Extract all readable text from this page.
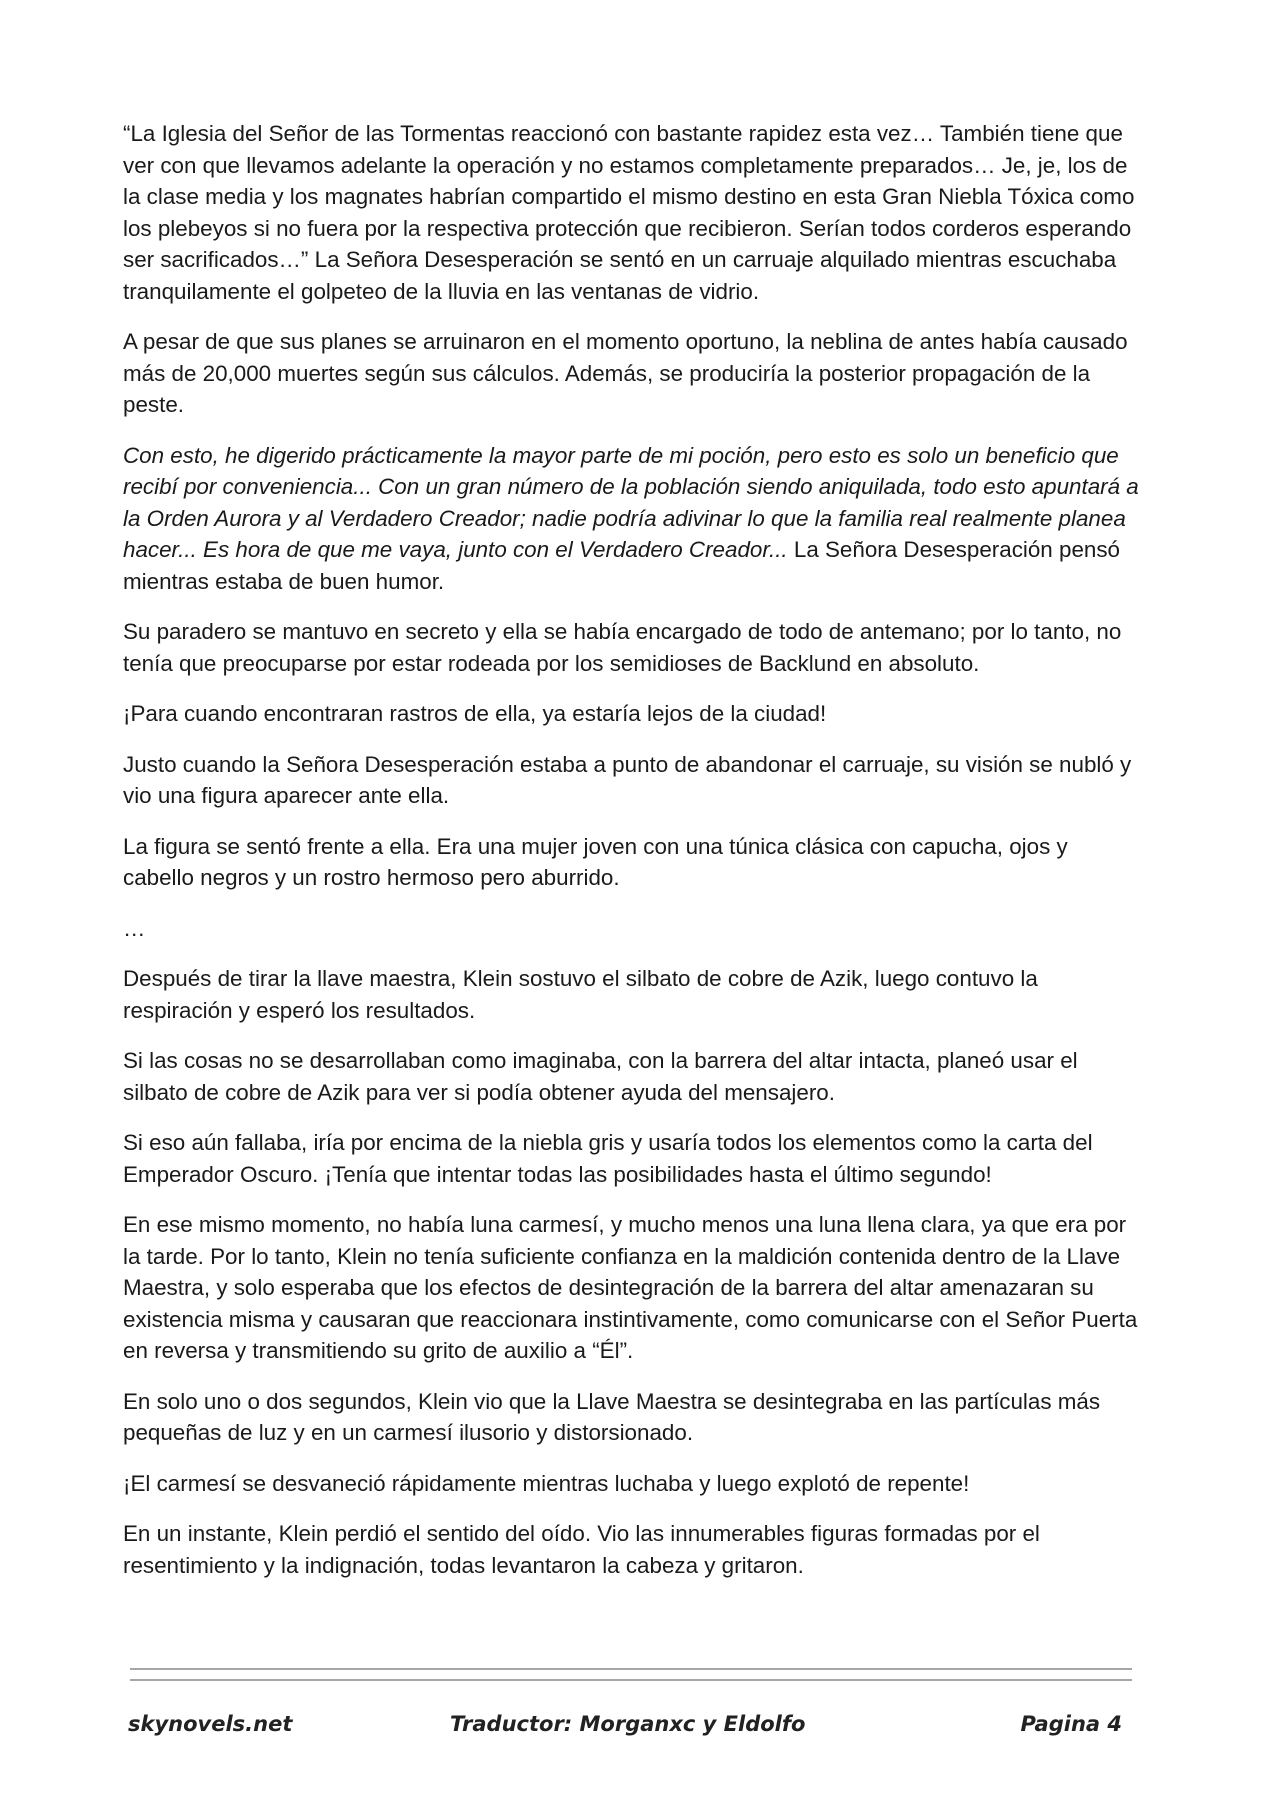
“La Iglesia del Señor de las Tormentas reaccionó con bastante rapidez esta vez… También tiene que ver con que llevamos adelante la operación y no estamos completamente preparados… Je, je, los de la clase media y los magnates habrían compartido el mismo destino en esta Gran Niebla Tóxica como los plebeyos si no fuera por la respectiva protección que recibieron. Serían todos corderos esperando ser sacrificados…” La Señora Desesperación se sentó en un carruaje alquilado mientras escuchaba tranquilamente el golpeteo de la lluvia en las ventanas de vidrio.

A pesar de que sus planes se arruinaron en el momento oportuno, la neblina de antes había causado más de 20,000 muertes según sus cálculos. Además, se produciría la posterior propagación de la peste.

Con esto, he digerido prácticamente la mayor parte de mi poción, pero esto es solo un beneficio que recibí por conveniencia... Con un gran número de la población siendo aniquilada, todo esto apuntará a la Orden Aurora y al Verdadero Creador; nadie podría adivinar lo que la familia real realmente planea hacer... Es hora de que me vaya, junto con el Verdadero Creador... La Señora Desesperación pensó mientras estaba de buen humor.

Su paradero se mantuvo en secreto y ella se había encargado de todo de antemano; por lo tanto, no tenía que preocuparse por estar rodeada por los semidioses de Backlund en absoluto.

¡Para cuando encontraran rastros de ella, ya estaría lejos de la ciudad!

Justo cuando la Señora Desesperación estaba a punto de abandonar el carruaje, su visión se nubló y vio una figura aparecer ante ella.

La figura se sentó frente a ella. Era una mujer joven con una túnica clásica con capucha, ojos y cabello negros y un rostro hermoso pero aburrido.

…

Después de tirar la llave maestra, Klein sostuvo el silbato de cobre de Azik, luego contuvo la respiración y esperó los resultados.

Si las cosas no se desarrollaban como imaginaba, con la barrera del altar intacta, planeó usar el silbato de cobre de Azik para ver si podía obtener ayuda del mensajero.

Si eso aún fallaba, iría por encima de la niebla gris y usaría todos los elementos como la carta del Emperador Oscuro. ¡Tenía que intentar todas las posibilidades hasta el último segundo!

En ese mismo momento, no había luna carmesí, y mucho menos una luna llena clara, ya que era por la tarde. Por lo tanto, Klein no tenía suficiente confianza en la maldición contenida dentro de la Llave Maestra, y solo esperaba que los efectos de desintegración de la barrera del altar amenazaran su existencia misma y causaran que reaccionara instintivamente, como comunicarse con el Señor Puerta en reversa y transmitiendo su grito de auxilio a “Él”.

En solo uno o dos segundos, Klein vio que la Llave Maestra se desintegraba en las partículas más pequeñas de luz y en un carmesí ilusorio y distorsionado.

¡El carmesí se desvaneció rápidamente mientras luchaba y luego explotó de repente!

En un instante, Klein perdió el sentido del oído. Vio las innumerables figuras formadas por el resentimiento y la indignación, todas levantaron la cabeza y gritaron.

skynovels.net	Traductor: Morganxc y Eldolfo	Pagina 4
